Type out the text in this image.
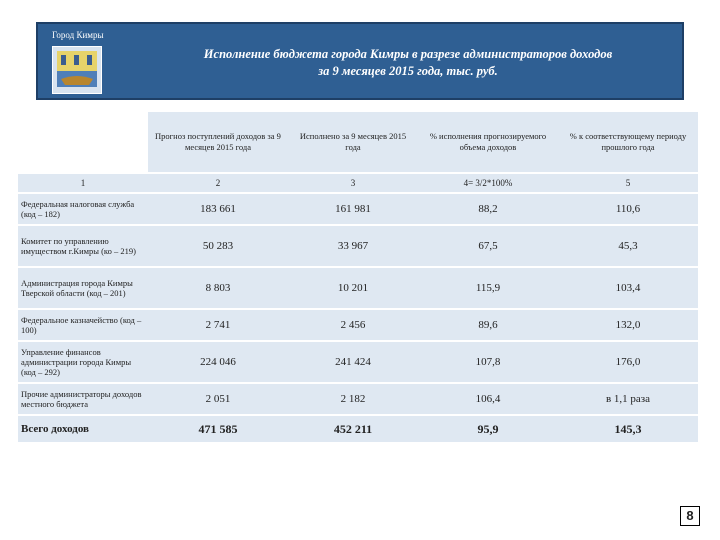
Город Кимры
Исполнение бюджета города Кимры в разрезе администраторов доходов
за 9 месяцев 2015 года, тыс. руб.
	Прогноз поступлений доходов за 9 месяцев 2015 года	Исполнено за 9 месяцев 2015 года	% исполнения прогнозируемого объема доходов	% к соответствующему периоду прошлого года
1	2	3	4= 3/2*100%	5
Федеральная налоговая служба (код – 182)	183 661	161 981	88,2	110,6
Комитет по управлению имуществом г.Кимры (ко – 219)	50 283	33 967	67,5	45,3
Администрация города Кимры Тверской области (код – 201)	8 803	10 201	115,9	103,4
Федеральное казначейство (код – 100)	2 741	2 456	89,6	132,0
Управление финансов администрации города Кимры (код – 292)	224 046	241 424	107,8	176,0
Прочие администраторы доходов местного бюджета	2 051	2 182	106,4	в 1,1 раза
Всего доходов	471 585	452 211	95,9	145,3
8
